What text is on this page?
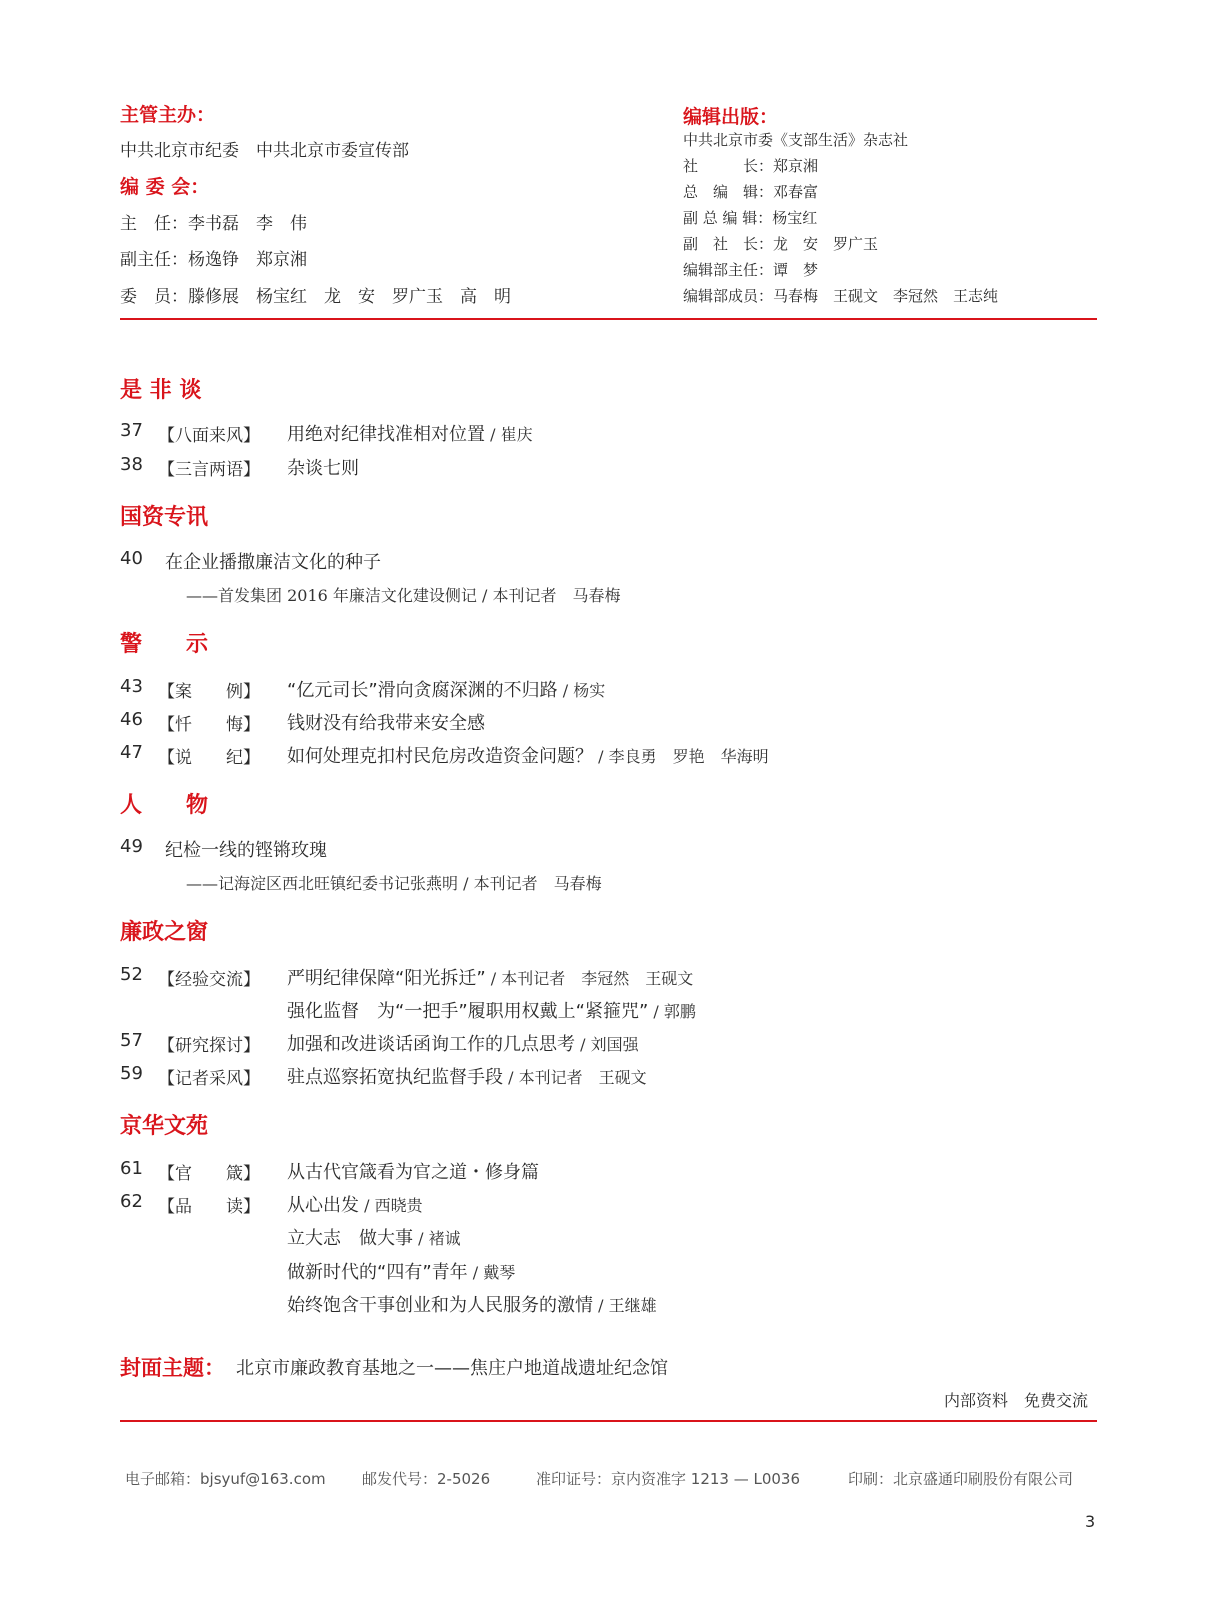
主管主办：
中共北京市纪委　中共北京市委宣传部
编 委 会：
主　任：李书磊　李　伟
副主任：杨逸铮　郑京湘
委　员：滕修展　杨宝红　龙　安　罗广玉　高　明
编辑出版：
中共北京市委《支部生活》杂志社
社　　　长：郑京湘
总　编　辑：邓春富
副 总 编 辑：杨宝红
副　社　长：龙　安　罗广玉
编辑部主任：谭　梦
编辑部成员：马春梅　王砚文　李冠然　王志纯
是 非 谈
37 【八面来风】 用绝对纪律找准相对位置 / 崔庆
38 【三言两语】 杂谈七则
国资专讯
40 在企业播撒廉洁文化的种子
——首发集团 2016 年廉洁文化建设侧记 / 本刊记者　马春梅
警　　示
43 【案　　例】 “亿元司长”滑向贪腐深渊的不归路 / 杨实
46 【忏　　悔】 钱财没有给我带来安全感
47 【说　　纪】 如何处理克扣村民危房改造资金问题？ / 李良勇　罗艳　华海明
人　　物
49 纪检一线的铿锵玫瑰
——记海淀区西北旺镇纪委书记张燕明 / 本刊记者　马春梅
廉政之窗
52 【经验交流】 严明纪律保障“阳光拆迁” / 本刊记者　李冠然　王砚文
强化监督　为“一把手”履职用权戴上“紧箍咒” / 郭鹏
57 【研究探讨】 加强和改进谈话函询工作的几点思考 / 刘国强
59 【记者采风】 驻点巡察拓宽执纪监督手段 / 本刊记者　王砚文
京华文苑
61 【官　　箴】 从古代官箴看为官之道・修身篇
62 【品　　读】 从心出发 / 西晓贵
立大志　做大事 / 褚诚
做新时代的“四有”青年 / 戴琴
始终饱含干事创业和为人民服务的激情 / 王继雄
封面主题： 北京市廉政教育基地之一——焦庄户地道战遗址纪念馆
内部资料　免费交流
电子邮箱：bjsyuf@163.com 邮发代号：2-5026	准印证号：京内资准字 1213 — L0036	印刷：北京盛通印刷股份有限公司
3
